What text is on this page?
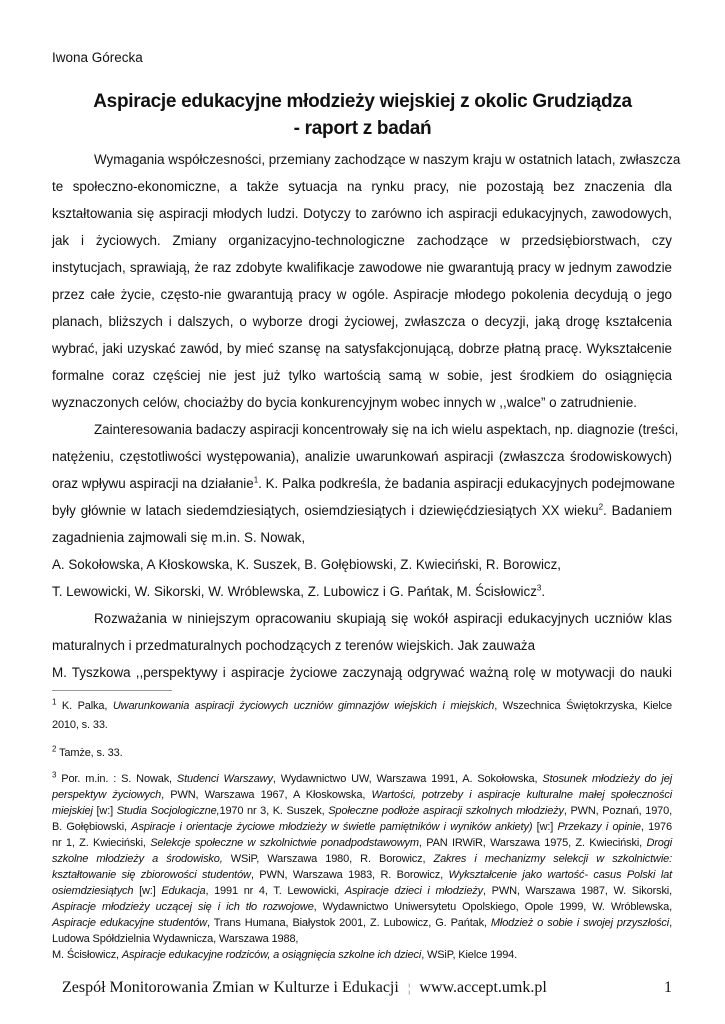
Iwona Górecka
Aspiracje edukacyjne młodzieży wiejskiej z okolic Grudziądza
- raport z badań
Wymagania współczesności, przemiany zachodzące w naszym kraju w ostatnich latach, zwłaszcza
te społeczno-ekonomiczne, a także sytuacja na rynku pracy, nie pozostają bez znaczenia dla
kształtowania się aspiracji młodych ludzi. Dotyczy to zarówno ich aspiracji edukacyjnych, zawodowych,
jak i życiowych. Zmiany organizacyjno-technologiczne zachodzące w przedsiębiorstwach, czy
instytucjach, sprawiają, że raz zdobyte kwalifikacje zawodowe nie gwarantują pracy w jednym zawodzie
przez całe życie, często-nie gwarantują pracy w ogóle. Aspiracje młodego pokolenia decydują o jego
planach, bliższych i dalszych, o wyborze drogi życiowej, zwłaszcza o decyzji, jaką drogę kształcenia
wybrać, jaki uzyskać zawód, by mieć szansę na satysfakcjonującą, dobrze płatną pracę. Wykształcenie
formalne coraz częściej nie jest już tylko wartością samą w sobie, jest środkiem do osiągnięcia
wyznaczonych celów, chociażby do bycia konkurencyjnym wobec innych w ,,walce” o zatrudnienie.
Zainteresowania badaczy aspiracji koncentrowały się na ich wielu aspektach, np. diagnozie (treści,
natężeniu, częstotliwości występowania), analizie uwarunkowań aspiracji (zwłaszcza środowiskowych)
oraz wpływu aspiracji na działanie$^1$. K. Palka podkreśla, że badania aspiracji edukacyjnych podejmowane
były głównie w latach siedemdziesiątych, osiemdziesiątych i dziewięćdziesiątych XX wieku$^2$. Badaniem
zagadnienia zajmowali się m.in. S. Nowak,
A. Sokołowska, A Kłoskowska, K. Suszek, B. Gołębiowski, Z. Kwieciński, R. Borowicz,
T. Lewowicki, W. Sikorski, W. Wróblewska, Z. Lubowicz i G. Pańtak, M. Ścisłowicz$^3$.
Rozważania w niniejszym opracowaniu skupiają się wokół aspiracji edukacyjnych uczniów klas
maturalnych i przedmaturalnych pochodzących z terenów wiejskich. Jak zauważa
M. Tyszkowa ,,perspektywy i aspiracje życiowe zaczynają odgrywać ważną rolę w motywacji do nauki
$^1$ K. Palka, Uwarunkowania aspiracji życiowych uczniów gimnazjów wiejskich i miejskich, Wszechnica Świętokrzyska, Kielce
2010, s. 33.
$^2$ Tamże, s. 33.
$^3$ Por. m.in. : S. Nowak, Studenci Warszawy, Wydawnictwo UW, Warszawa 1991, A. Sokołowska, Stosunek młodzieży do jej
perspektyw życiowych, PWN, Warszawa 1967, A Kłoskowska, Wartości, potrzeby i aspiracje kulturalne małej społeczności
miejskiej [w:] Studia Socjologiczne,1970 nr 3, K. Suszek, Społeczne podłoże aspiracji szkolnych młodzieży, PWN, Poznań, 1970,
B. Gołębiowski, Aspiracje i orientacje życiowe młodzieży w świetle pamiętników i wyników ankiety) [w:] Przekazy i opinie, 1976
nr 1, Z. Kwieciński, Selekcje społeczne w szkolnictwie ponadpodstawowym, PAN IRWiR, Warszawa 1975, Z. Kwieciński, Drogi
szkolne młodzieży a środowisko, WSiP, Warszawa 1980, R. Borowicz, Zakres i mechanizmy selekcji w szkolnictwie:
kształtowanie się zbiorowości studentów, PWN, Warszawa 1983, R. Borowicz, Wykształcenie jako wartość- casus Polski lat
osiemdziesiątych [w:] Edukacja, 1991 nr 4, T. Lewowicki, Aspiracje dzieci i młodzieży, PWN, Warszawa 1987, W. Sikorski,
Aspiracje młodzieży uczącej się i ich tło rozwojowe, Wydawnictwo Uniwersytetu Opolskiego, Opole 1999, W. Wróblewska,
Aspiracje edukacyjne studentów, Trans Humana, Białystok 2001, Z. Lubowicz, G. Pańtak, Młodzież o sobie i swojej przyszłości,
Ludowa Spółdzielnia Wydawnicza, Warszawa 1988,
M. Ścisłowicz, Aspiracje edukacyjne rodziców, a osiągnięcia szkolne ich dzieci, WSiP, Kielce 1994.
Zespół Monitorowania Zmian w Kulturze i Edukacji ¦ www.accept.umk.pl	1
